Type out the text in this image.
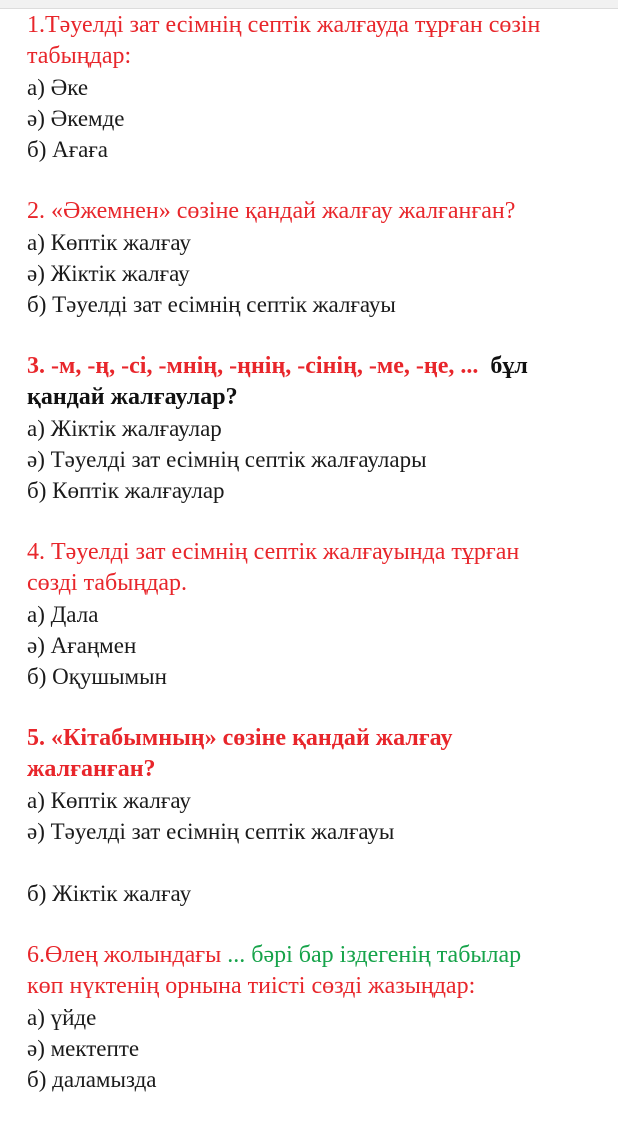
1.Тәуелді зат есімнің септік жалғауда тұрған сөзін

табыңдар:

а) Әке

ә) Әкемде

б) Ағаға

2. «Әжемнен» сөзіне қандай жалғау жалғанған?

а) Көптік жалғау

ә) Жіктік жалғау

б) Тәуелді зат есімнің септік жалғауы

3. -м, -ң, -сі, -мнің, -ңнің, -сінің, -ме, -ңе, ... бұл

қандай жалғаулар?

а) Жіктік жалғаулар

ә) Тәуелді зат есімнің септік жалғаулары

б) Көптік жалғаулар

4. Тәуелді зат есімнің септік жалғауында тұрған

сөзді табыңдар.

а) Дала

ә) Ағаңмен

б) Оқушымын

5. «Кітабымның» сөзіне қандай жалғау

жалғанған?

а) Көптік жалғау

ә) Тәуелді зат есімнің септік жалғауы

б) Жіктік жалғау

6.Өлең жолындағы ... бәрі бар іздегенің табылар

көп нүктенің орнына тиісті сөзді жазыңдар:

а) үйде

ә) мектепте

б) даламызда
